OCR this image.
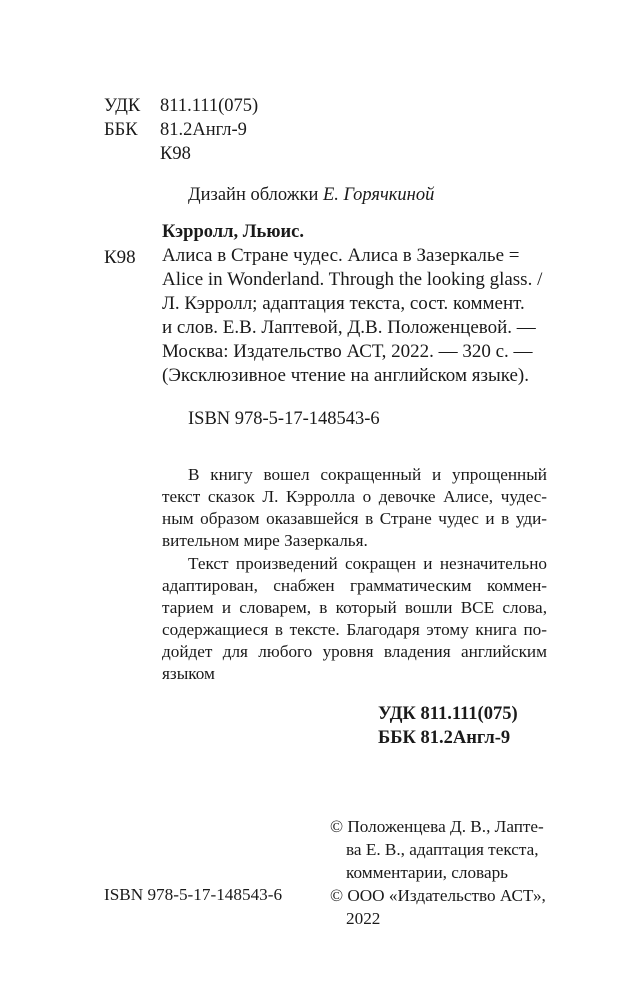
УДК 811.111(075)
ББК 81.2Англ-9
К98
Дизайн обложки Е. Горячкиной
Кэрролл, Льюис.
К98 Алиса в Стране чудес. Алиса в Зазеркалье =
Alice in Wonderland. Through the looking glass. /
Л. Кэрролл; адаптация текста, сост. коммент.
и слов. Е.В. Лаптевой, Д.В. Положенцевой. —
Москва: Издательство АСТ, 2022. — 320 с. —
(Эксклюзивное чтение на английском языке).
ISBN 978-5-17-148543-6
В книгу вошел сокращенный и упрощенный
текст сказок Л. Кэрролла о девочке Алисе, чудес-
ным образом оказавшейся в Стране чудес и в уди-
вительном мире Зазеркалья.
Текст произведений сокращен и незначительно
адаптирован, снабжен грамматическим коммен-
тарием и словарем, в который вошли ВСЕ слова,
содержащиеся в тексте. Благодаря этому книга по-
дойдет для любого уровня владения английским
языком
УДК 811.111(075)
ББК 81.2Англ-9
© Положенцева Д. В., Лапте-
ва Е. В., адаптация текста,
комментарии, словарь
© ООО «Издательство АСТ»,
2022
ISBN 978-5-17-148543-6
